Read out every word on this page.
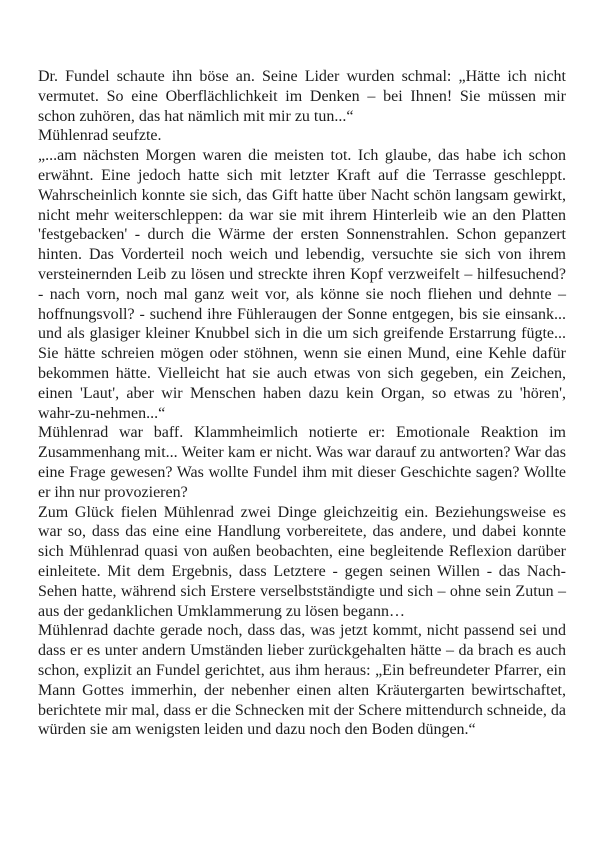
Dr. Fundel schaute ihn böse an. Seine Lider wurden schmal: „Hätte ich nicht vermutet. So eine Oberflächlichkeit im Denken – bei Ihnen! Sie müssen mir schon zuhören, das hat nämlich mit mir zu tun...“

Mühlenrad seufzte.

„...am nächsten Morgen waren die meisten tot. Ich glaube, das habe ich schon erwähnt. Eine jedoch hatte sich mit letzter Kraft auf die Terrasse geschleppt. Wahrscheinlich konnte sie sich, das Gift hatte über Nacht schön langsam gewirkt, nicht mehr weiterschleppen: da war sie mit ihrem Hinterleib wie an den Platten 'festgebacken' - durch die Wärme der ersten Sonnenstrahlen. Schon gepanzert hinten. Das Vorderteil noch weich und lebendig, versuchte sie sich von ihrem versteinernden Leib zu lösen und streckte ihren Kopf verzweifelt – hilfesuchend? - nach vorn, noch mal ganz weit vor, als könne sie noch fliehen und dehnte – hoffnungsvoll? - suchend ihre Fühleraugen der Sonne entgegen, bis sie einsank... und als glasiger kleiner Knubbel sich in die um sich greifende Erstarrung fügte... Sie hätte schreien mögen oder stöhnen, wenn sie einen Mund, eine Kehle dafür bekommen hätte. Vielleicht hat sie auch etwas von sich gegeben, ein Zeichen, einen 'Laut', aber wir Menschen haben dazu kein Organ, so etwas zu 'hören', wahr-zu-nehmen...“

Mühlenrad war baff. Klammheimlich notierte er: Emotionale Reaktion im Zusammenhang mit... Weiter kam er nicht. Was war darauf zu antworten? War das eine Frage gewesen? Was wollte Fundel ihm mit dieser Geschichte sagen? Wollte er ihn nur provozieren?

Zum Glück fielen Mühlenrad zwei Dinge gleichzeitig ein. Beziehungsweise es war so, dass das eine eine Handlung vorbereitete, das andere, und dabei konnte sich Mühlenrad quasi von außen beobachten, eine begleitende Reflexion darüber einleitete. Mit dem Ergebnis, dass Letztere - gegen seinen Willen - das Nach-Sehen hatte, während sich Erstere verselbstständigte und sich – ohne sein Zutun – aus der gedanklichen Umklammerung zu lösen begann…

Mühlenrad dachte gerade noch, dass das, was jetzt kommt, nicht passend sei und dass er es unter andern Umständen lieber zurückgehalten hätte – da brach es auch schon, explizit an Fundel gerichtet, aus ihm heraus: „Ein befreundeter Pfarrer, ein Mann Gottes immerhin, der nebenher einen alten Kräutergarten bewirtschaftet, berichtete mir mal, dass er die Schnecken mit der Schere mittendurch schneide, da würden sie am wenigsten leiden und dazu noch den Boden düngen.“
